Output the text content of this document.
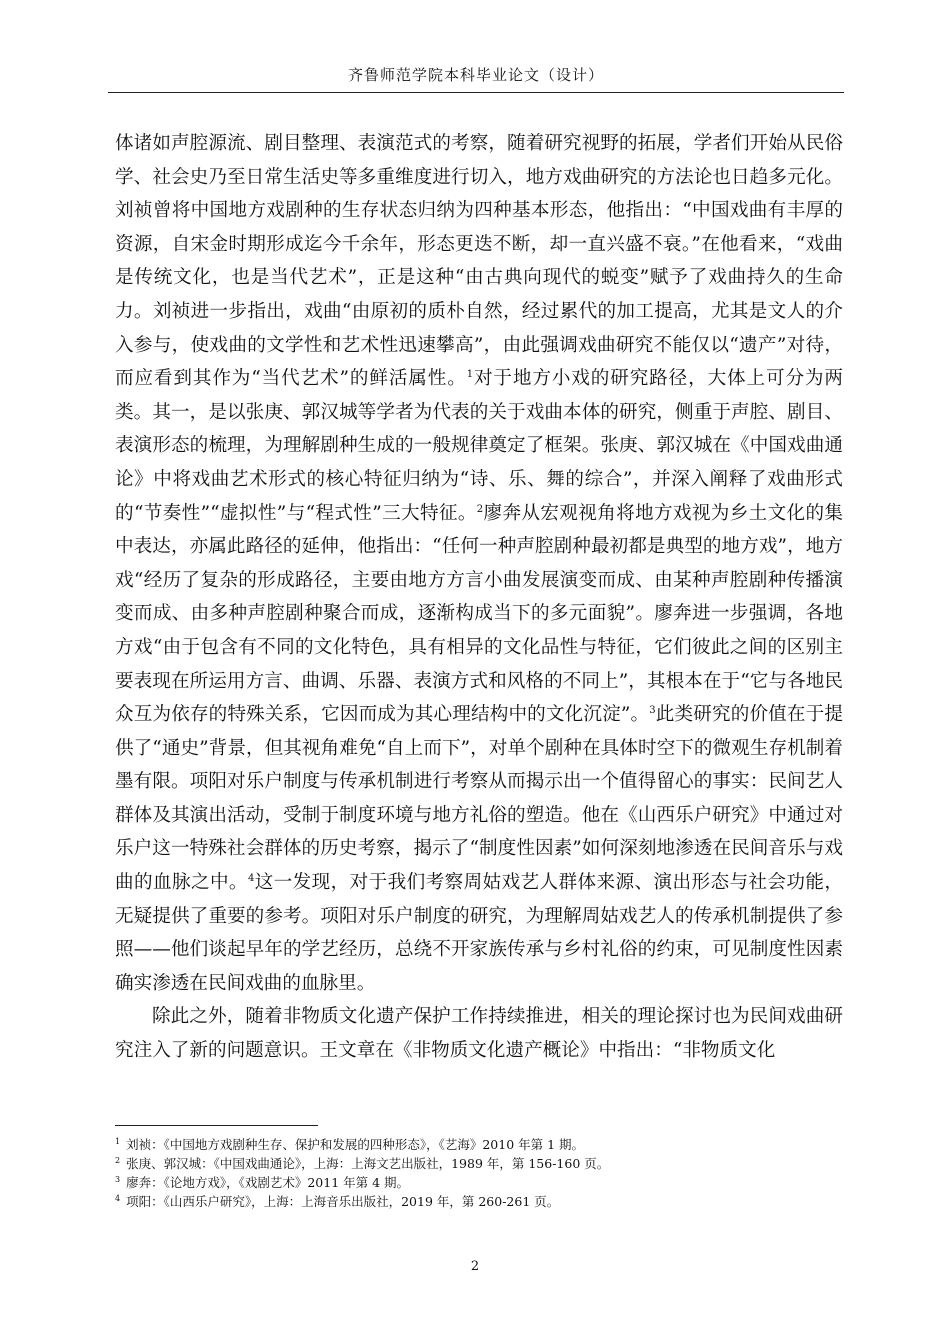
齐鲁师范学院本科毕业论文（设计）

体诸如声腔源流、剧目整理、表演范式的考察，随着研究视野的拓展，学者们开始从民俗学、社会史乃至日常生活史等多重维度进行切入，地方戏曲研究的方法论也日趋多元化。刘祯曾将中国地方戏剧种的生存状态归纳为四种基本形态，他指出：“中国戏曲有丰厚的资源，自宋金时期形成迄今千余年，形态更迭不断，却一直兴盛不衰。”在他看来，“戏曲是传统文化，也是当代艺术”，正是这种“由古典向现代的蜕变”赋予了戏曲持久的生命力。刘祯进一步指出，戏曲“由原初的质朴自然，经过累代的加工提高，尤其是文人的介入参与，使戏曲的文学性和艺术性迅速攀高”，由此强调戏曲研究不能仅以“遗产”对待，而应看到其作为“当代艺术”的鲜活属性。$^1$对于地方小戏的研究路径，大体上可分为两类。其一，是以张庚、郭汉城等学者为代表的关于戏曲本体的研究，侧重于声腔、剧目、表演形态的梳理，为理解剧种生成的一般规律奠定了框架。张庚、郭汉城在《中国戏曲通论》中将戏曲艺术形式的核心特征归纳为“诗、乐、舞的综合”，并深入阐释了戏曲形式的“节奏性”“虚拟性”与“程式性”三大特征。$^2$廖奔从宏观视角将地方戏视为乡土文化的集中表达，亦属此路径的延伸，他指出：“任何一种声腔剧种最初都是典型的地方戏”，地方戏“经历了复杂的形成路径，主要由地方方言小曲发展演变而成、由某种声腔剧种传播演变而成、由多种声腔剧种聚合而成，逐渐构成当下的多元面貌”。廖奔进一步强调，各地方戏“由于包含有不同的文化特色，具有相异的文化品性与特征，它们彼此之间的区别主要表现在所运用方言、曲调、乐器、表演方式和风格的不同上”，其根本在于“它与各地民众互为依存的特殊关系，它因而成为其心理结构中的文化沉淀”。$^3$此类研究的价值在于提供了“通史”背景，但其视角难免“自上而下”，对单个剧种在具体时空下的微观生存机制着墨有限。项阳对乐户制度与传承机制进行考察从而揭示出一个值得留心的事实：民间艺人群体及其演出活动，受制于制度环境与地方礼俗的塑造。他在《山西乐户研究》中通过对乐户这一特殊社会群体的历史考察，揭示了“制度性因素”如何深刻地渗透在民间音乐与戏曲的血脉之中。$^4$这一发现，对于我们考察周姑戏艺人群体来源、演出形态与社会功能，无疑提供了重要的参考。项阳对乐户制度的研究，为理解周姑戏艺人的传承机制提供了参照——他们谈起早年的学艺经历，总绕不开家族传承与乡村礼俗的约束，可见制度性因素确实渗透在民间戏曲的血脉里。

除此之外，随着非物质文化遗产保护工作持续推进，相关的理论探讨也为民间戏曲研究注入了新的问题意识。王文章在《非物质文化遗产概论》中指出：“非物质文化

$^1$ 刘祯：《中国地方戏剧种生存、保护和发展的四种形态》，《艺海》2010 年第 1 期。

$^2$ 张庚、郭汉城：《中国戏曲通论》，上海：上海文艺出版社，1989 年，第 156-160 页。

$^3$ 廖奔：《论地方戏》，《戏剧艺术》2011 年第 4 期。

$^4$ 项阳：《山西乐户研究》，上海：上海音乐出版社，2019 年，第 260-261 页。

2
